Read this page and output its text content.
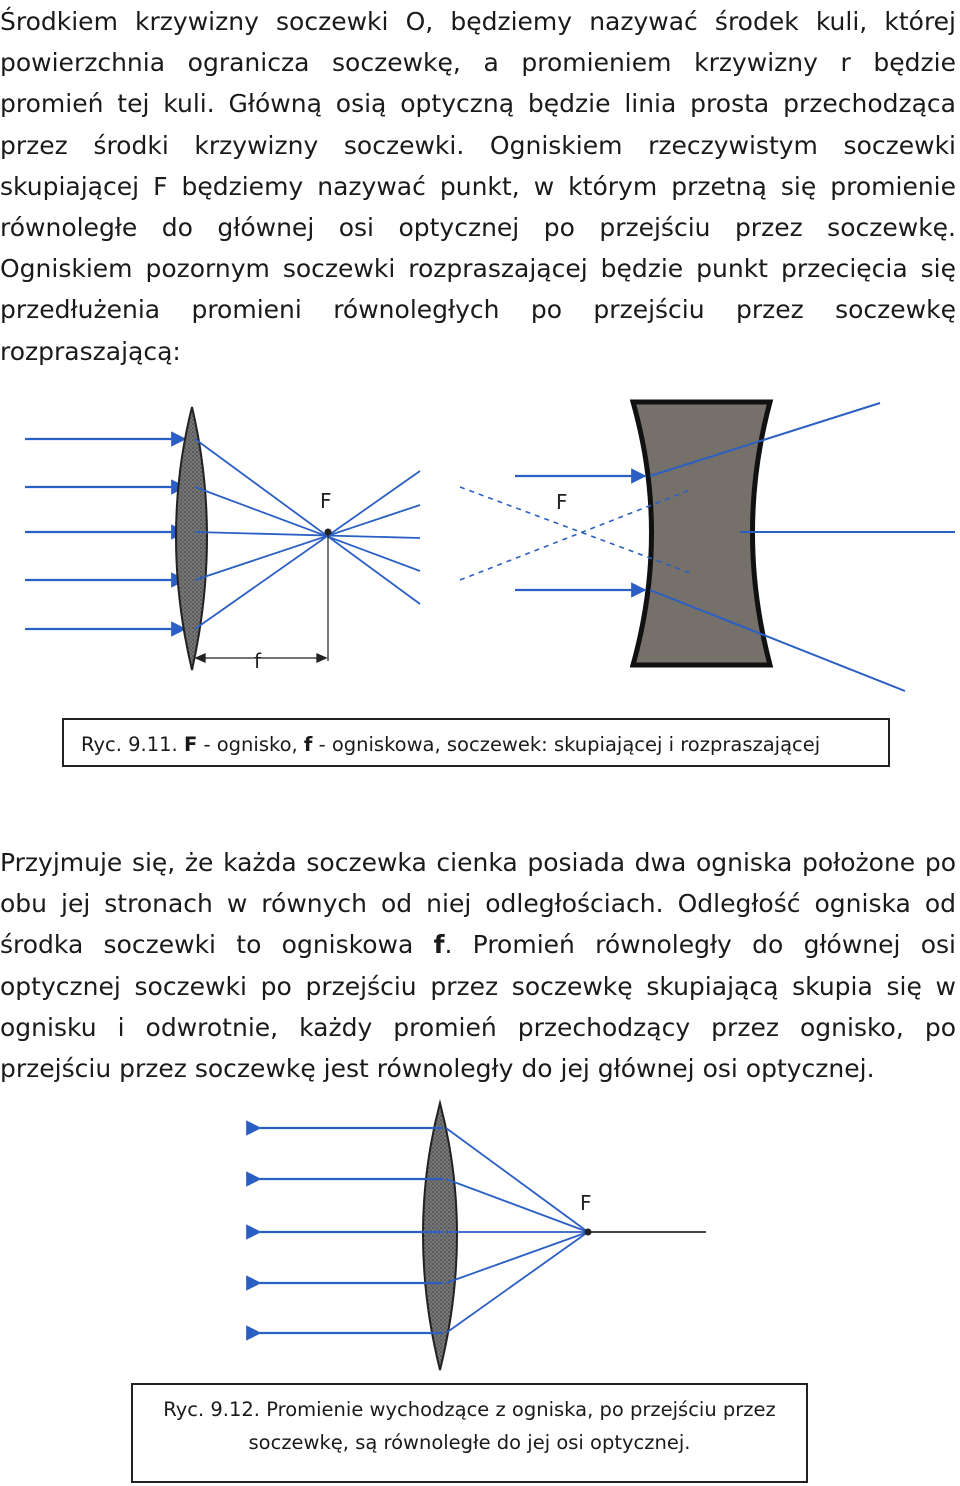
Środkiem krzywizny soczewki O, będziemy nazywać środek kuli, której powierzchnia ogranicza soczewkę, a promieniem krzywizny r będzie promień tej kuli. Główną osią optyczną będzie linia prosta przechodząca przez środki krzywizny soczewki. Ogniskiem rzeczywistym soczewki skupiającej F będziemy nazywać punkt, w którym przetną się promienie równoległe do głównej osi optycznej po przejściu przez soczewkę. Ogniskiem pozornym soczewki rozpraszającej będzie punkt przecięcia się przedłużenia promieni równoległych po przejściu przez soczewkę rozpraszającą:

F
f
F
Ryc. 9.11. F - ognisko, f - ogniskowa, soczewek: skupiającej i rozpraszającej

Przyjmuje się, że każda soczewka cienka posiada dwa ogniska położone po obu jej stronach w równych od niej odległościach. Odległość ogniska od środka soczewki to ogniskowa f. Promień równoległy do głównej osi optycznej soczewki po przejściu przez soczewkę skupiającą skupia się w ognisku i odwrotnie, każdy promień przechodzący przez ognisko, po przejściu przez soczewkę jest równoległy do jej głównej osi optycznej.

F
Ryc. 9.12. Promienie wychodzące z ogniska, po przejściu przez soczewkę, są równoległe do jej osi optycznej.
